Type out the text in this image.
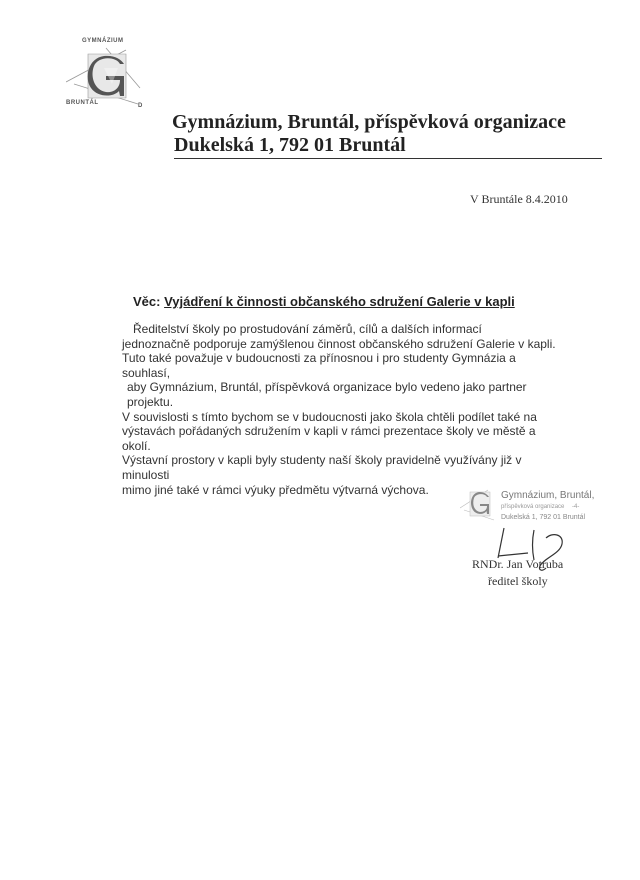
GYMNÁZIUM
BRUNTÁL	D
Gymnázium, Bruntál, příspěvková organizace
Dukelská 1, 792 01 Bruntál
V Bruntále 8.4.2010
Věc: Vyjádření k činnosti občanského sdružení Galerie v kapli

Ředitelství školy po prostudování záměrů, cílů a dalších informací

jednoznačně podporuje zamýšlenou činnost občanského sdružení Galerie v kapli.

Tuto také považuje v budoucnosti za přínosnou i pro studenty Gymnázia a souhlasí,

aby Gymnázium, Bruntál, příspěvková organizace bylo vedeno jako partner projektu.

V souvislosti s tímto bychom se v budoucnosti jako škola chtěli podílet také na

výstavách pořádaných sdružením v kapli v rámci prezentace školy ve městě a okolí.

Výstavní prostory v kapli byly studenty naší školy pravidelně využívány již v minulosti

mimo jiné také v rámci výuky předmětu výtvarná výchova.	Gymnázium, Bruntál,
příspěvková organizace -4-
Dukelská 1, 792 01 Bruntál
RNDr. Jan Votruba
ředitel školy
